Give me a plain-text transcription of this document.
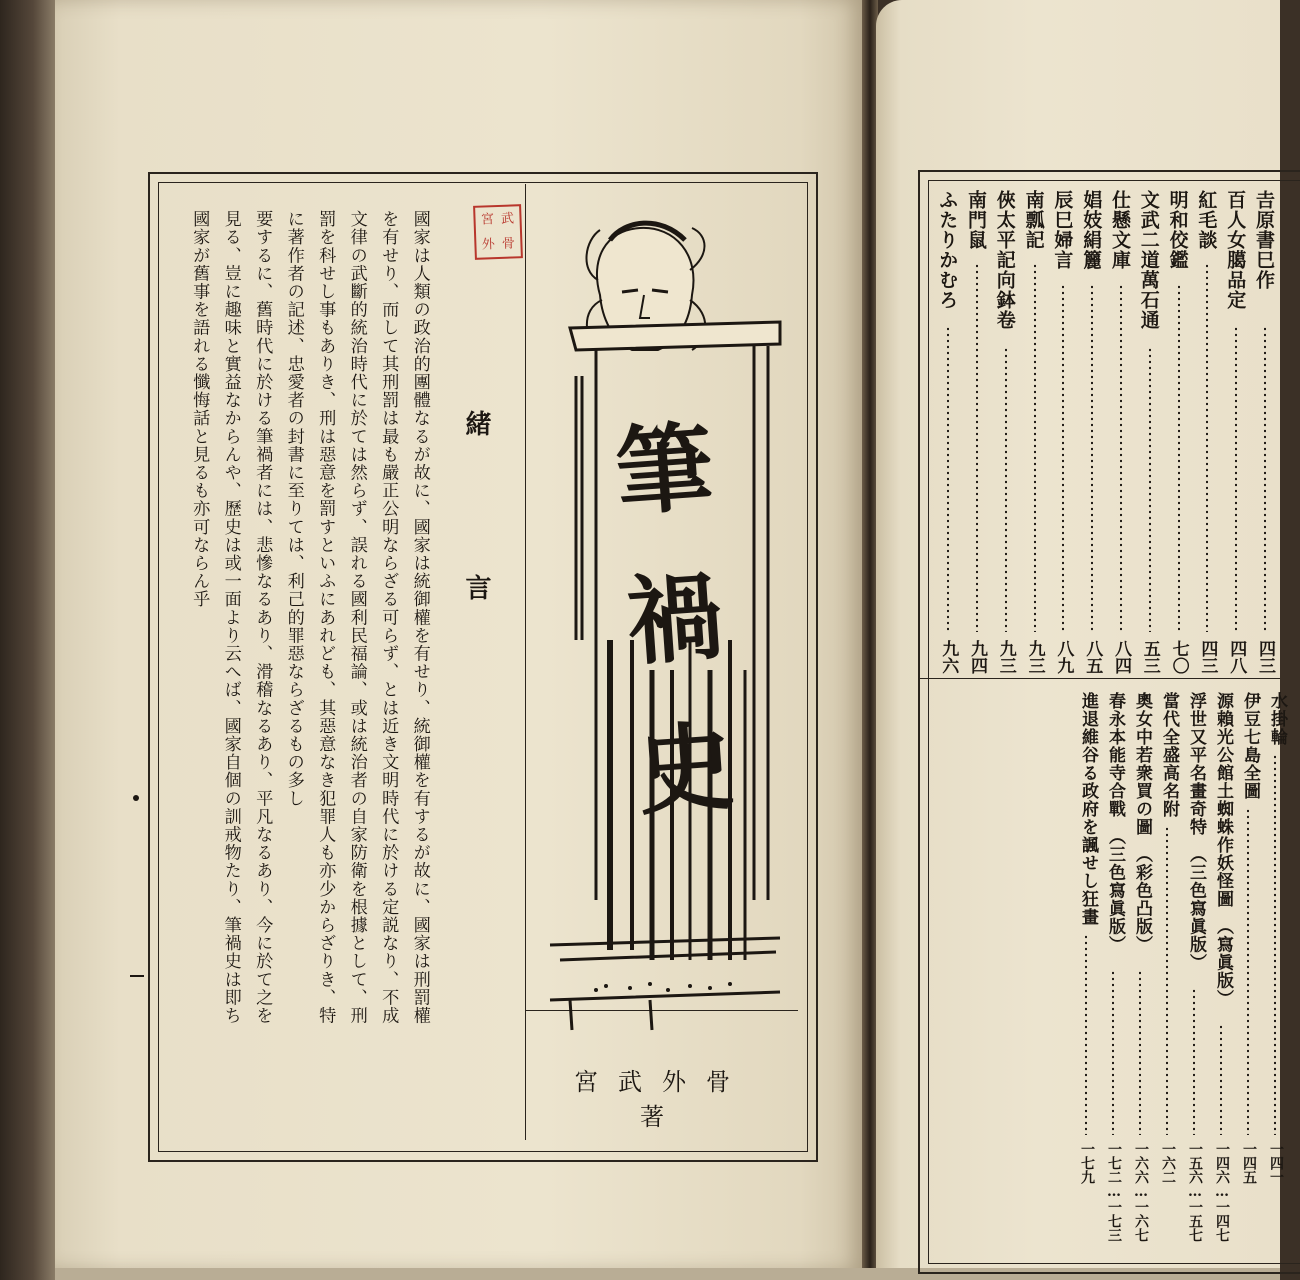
國家は人類の政治的團體なるが故に、國家は統御權を有せり、統御權を有するが故に、國家は刑罰權
を有せり、而して其刑罰は最も嚴正公明ならざる可らず、とは近き文明時代に於ける定説なり、不成
文律の武斷的統治時代に於ては然らず、誤れる國利民福論、或は統治者の自家防衛を根據として、刑
罰を科せし事もありき、刑は惡意を罰すといふにあれども、其惡意なき犯罪人も亦少からざりき、特
に著作者の記述、忠愛者の封書に至りては、利己的罪惡ならざるもの多し
要するに、舊時代に於ける筆禍者には、悲慘なるあり、滑稽なるあり、平凡なるあり、今に於て之を
見る、豈に趣味と實益なからんや、歷史は或一面より云へば、國家自個の訓戒物たり、筆禍史は即ち
國家が舊事を語れる懺悔話と見るも亦可ならん乎	緒　言
宮 武
外 骨
筆
禍
史
宮武外骨著
𠮷原書巳作
四三
百人女臈品定
四八
紅毛談
四三
明和佼鑑
七〇
文武二道萬石通
五三
仕懸文庫
八四
娼妓絹籭
八五
辰巳婦言
八九
南瓢記
九三
俠太平記向鉢卷
九三
南門鼠
九四
ふたりかむろ
九六
水掛輪
一四一
伊豆七島全圖
一四五
源賴光公館土蜘蛛作妖怪圖　（寫眞版）
一四六…一四七
浮世又平名畫奇特　（三色寫眞版）
一五六…一五七
當代全盛高名附
一六二
奧女中若衆買の圖　（彩色凸版）
一六六…一六七
春永本能寺合戰　（三色寫眞版）
一七二…一七三
進退維谷る政府を諷せし狂畫
一七九
